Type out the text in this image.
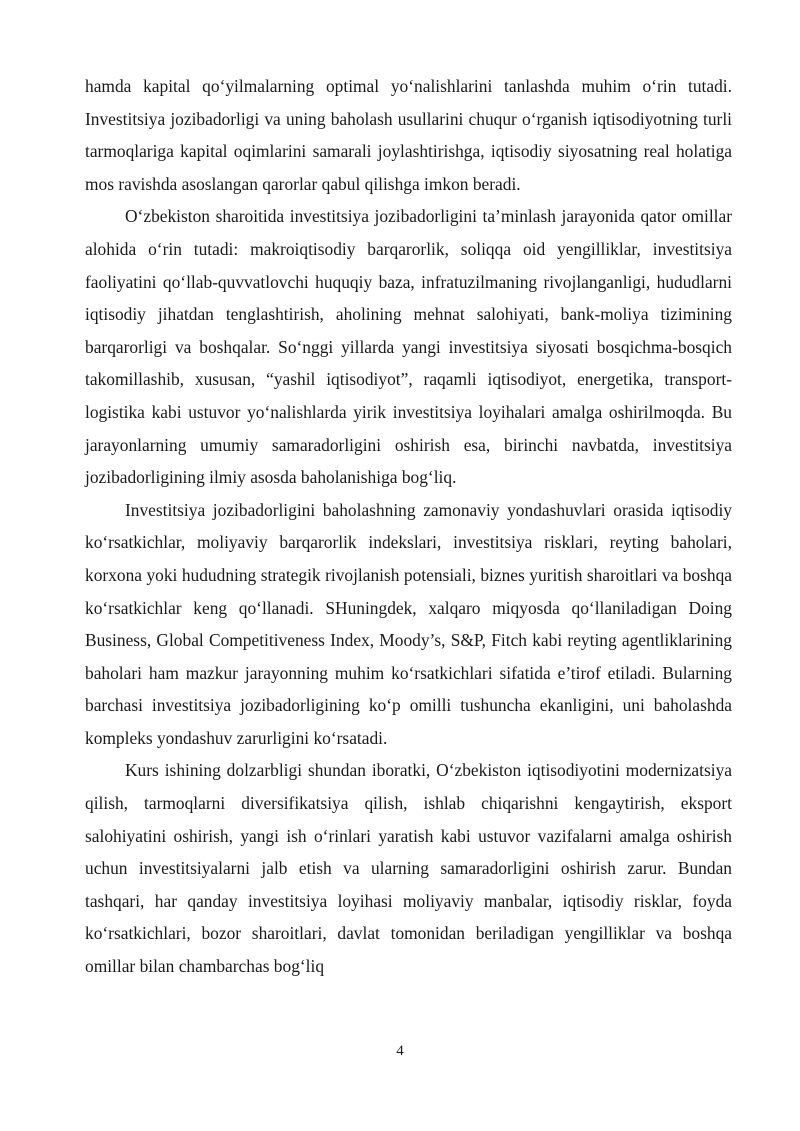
hamda kapital qo‘yilmalarning optimal yo‘nalishlarini tanlashda muhim o‘rin tutadi. Investitsiya jozibadorligi va uning baholash usullarini chuqur o‘rganish iqtisodiyotning turli tarmoqlariga kapital oqimlarini samarali joylashtirishga, iqtisodiy siyosatning real holatiga mos ravishda asoslangan qarorlar qabul qilishga imkon beradi.

O‘zbekiston sharoitida investitsiya jozibadorligini ta’minlash jarayonida qator omillar alohida o‘rin tutadi: makroiqtisodiy barqarorlik, soliqqa oid yengilliklar, investitsiya faoliyatini qo‘llab-quvvatlovchi huquqiy baza, infratuzilmaning rivojlanganligi, hududlarni iqtisodiy jihatdan tenglashtirish, aholining mehnat salohiyati, bank-moliya tizimining barqarorligi va boshqalar. So‘nggi yillarda yangi investitsiya siyosati bosqichma-bosqich takomillashib, xususan, “yashil iqtisodiyot”, raqamli iqtisodiyot, energetika, transport-logistika kabi ustuvor yo‘nalishlarda yirik investitsiya loyihalari amalga oshirilmoqda. Bu jarayonlarning umumiy samaradorligini oshirish esa, birinchi navbatda, investitsiya jozibadorligining ilmiy asosda baholanishiga bog‘liq.

Investitsiya jozibadorligini baholashning zamonaviy yondashuvlari orasida iqtisodiy ko‘rsatkichlar, moliyaviy barqarorlik indekslari, investitsiya risklari, reyting baholari, korxona yoki hududning strategik rivojlanish potensiali, biznes yuritish sharoitlari va boshqa ko‘rsatkichlar keng qo‘llanadi. SHuningdek, xalqaro miqyosda qo‘llaniladigan Doing Business, Global Competitiveness Index, Moody’s, S&P, Fitch kabi reyting agentliklarining baholari ham mazkur jarayonning muhim ko‘rsatkichlari sifatida e’tirof etiladi. Bularning barchasi investitsiya jozibadorligining ko‘p omilli tushuncha ekanligini, uni baholashda kompleks yondashuv zarurligini ko‘rsatadi.

Kurs ishining dolzarbligi shundan iboratki, O‘zbekiston iqtisodiyotini modernizatsiya qilish, tarmoqlarni diversifikatsiya qilish, ishlab chiqarishni kengaytirish, eksport salohiyatini oshirish, yangi ish o‘rinlari yaratish kabi ustuvor vazifalarni amalga oshirish uchun investitsiyalarni jalb etish va ularning samaradorligini oshirish zarur. Bundan tashqari, har qanday investitsiya loyihasi moliyaviy manbalar, iqtisodiy risklar, foyda ko‘rsatkichlari, bozor sharoitlari, davlat tomonidan beriladigan yengilliklar va boshqa omillar bilan chambarchas bog‘liq

4
